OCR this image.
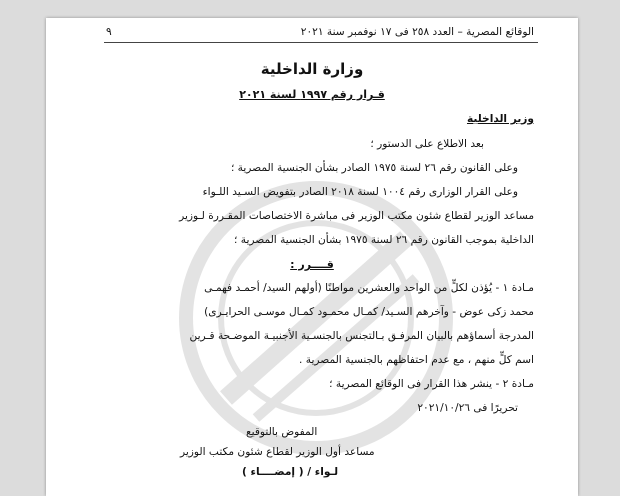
الوقائع المصرية – العدد ٢٥٨ فى ١٧ نوفمبر سنة ٢٠٢١
٩
وزارة الداخلية
قـرار رقم ١٩٩٧ لسنة ٢٠٢١
وزير الداخلية
بعد الاطلاع على الدستور ؛
وعلى القانون رقم ٢٦ لسنة ١٩٧٥ الصادر بشأن الجنسية المصرية ؛
وعلى القرار الوزارى رقم ١٠٠٤ لسنة ٢٠١٨ الصادر بتفويض السـيد اللـواء
مساعد الوزير لقطاع شئون مكتب الوزير فى مباشرة الاختصاصات المقـررة لـوزير
الداخلية بموجب القانون رقم ٢٦ لسنة ١٩٧٥ بشأن الجنسية المصرية ؛
قــــرر :
مـادة ١ - يُؤذن لكلٍّ من الواحد والعشرين مواطنًا (أولهم السيد/ أحمـد فهمـى
محمد زكى عوض - وآخرهم السـيد/ كمـال محمـود كمـال موسـى الحرايـرى)
المدرجة أسماؤهم بالبيان المرفـق بـالتجنس بالجنسـية الأجنبيـة الموضـحة قـرين
اسم كلٍّ منهم ، مع عدم احتفاظهم بالجنسية المصرية .
مـادة ٢ - ينشر هذا القرار فى الوقائع المصرية ؛
تحريرًا فى ٢٠٢١/١٠/٢٦
المفوض بالتوقيع
مساعد أول الوزير لقطاع شئون مكتب الوزير
لـواء / ( إمضــــاء )
